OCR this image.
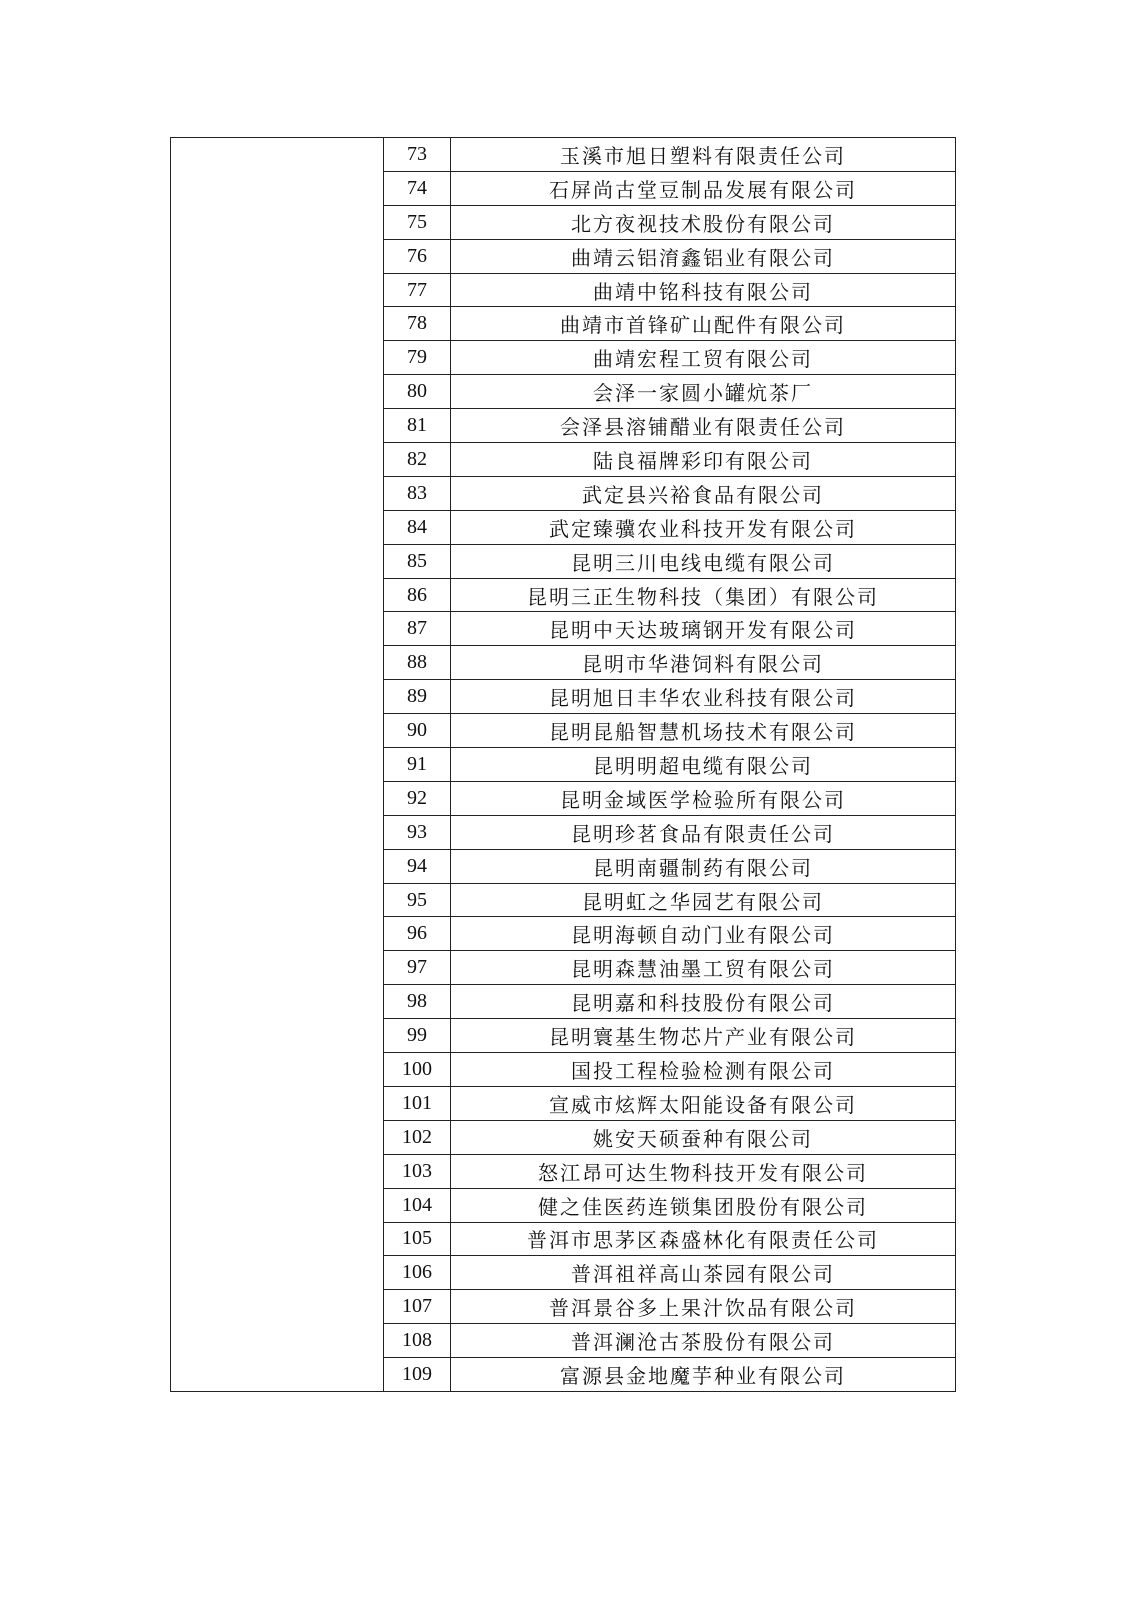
	73	玉溪市旭日塑料有限责任公司
	74	石屏尚古堂豆制品发展有限公司
	75	北方夜视技术股份有限公司
	76	曲靖云铝淯鑫铝业有限公司
	77	曲靖中铭科技有限公司
	78	曲靖市首锋矿山配件有限公司
	79	曲靖宏程工贸有限公司
	80	会泽一家圆小罐炕茶厂
	81	会泽县溶铺醋业有限责任公司
	82	陆良福牌彩印有限公司
	83	武定县兴裕食品有限公司
	84	武定臻骥农业科技开发有限公司
	85	昆明三川电线电缆有限公司
	86	昆明三正生物科技（集团）有限公司
	87	昆明中天达玻璃钢开发有限公司
	88	昆明市华港饲料有限公司
	89	昆明旭日丰华农业科技有限公司
	90	昆明昆船智慧机场技术有限公司
	91	昆明明超电缆有限公司
	92	昆明金域医学检验所有限公司
	93	昆明珍茗食品有限责任公司
	94	昆明南疆制药有限公司
	95	昆明虹之华园艺有限公司
	96	昆明海顿自动门业有限公司
	97	昆明森慧油墨工贸有限公司
	98	昆明嘉和科技股份有限公司
	99	昆明寰基生物芯片产业有限公司
	100	国投工程检验检测有限公司
	101	宣威市炫辉太阳能设备有限公司
	102	姚安天硕蚕种有限公司
	103	怒江昂可达生物科技开发有限公司
	104	健之佳医药连锁集团股份有限公司
	105	普洱市思茅区森盛林化有限责任公司
	106	普洱祖祥高山茶园有限公司
	107	普洱景谷多上果汁饮品有限公司
	108	普洱澜沧古茶股份有限公司
	109	富源县金地魔芋种业有限公司
